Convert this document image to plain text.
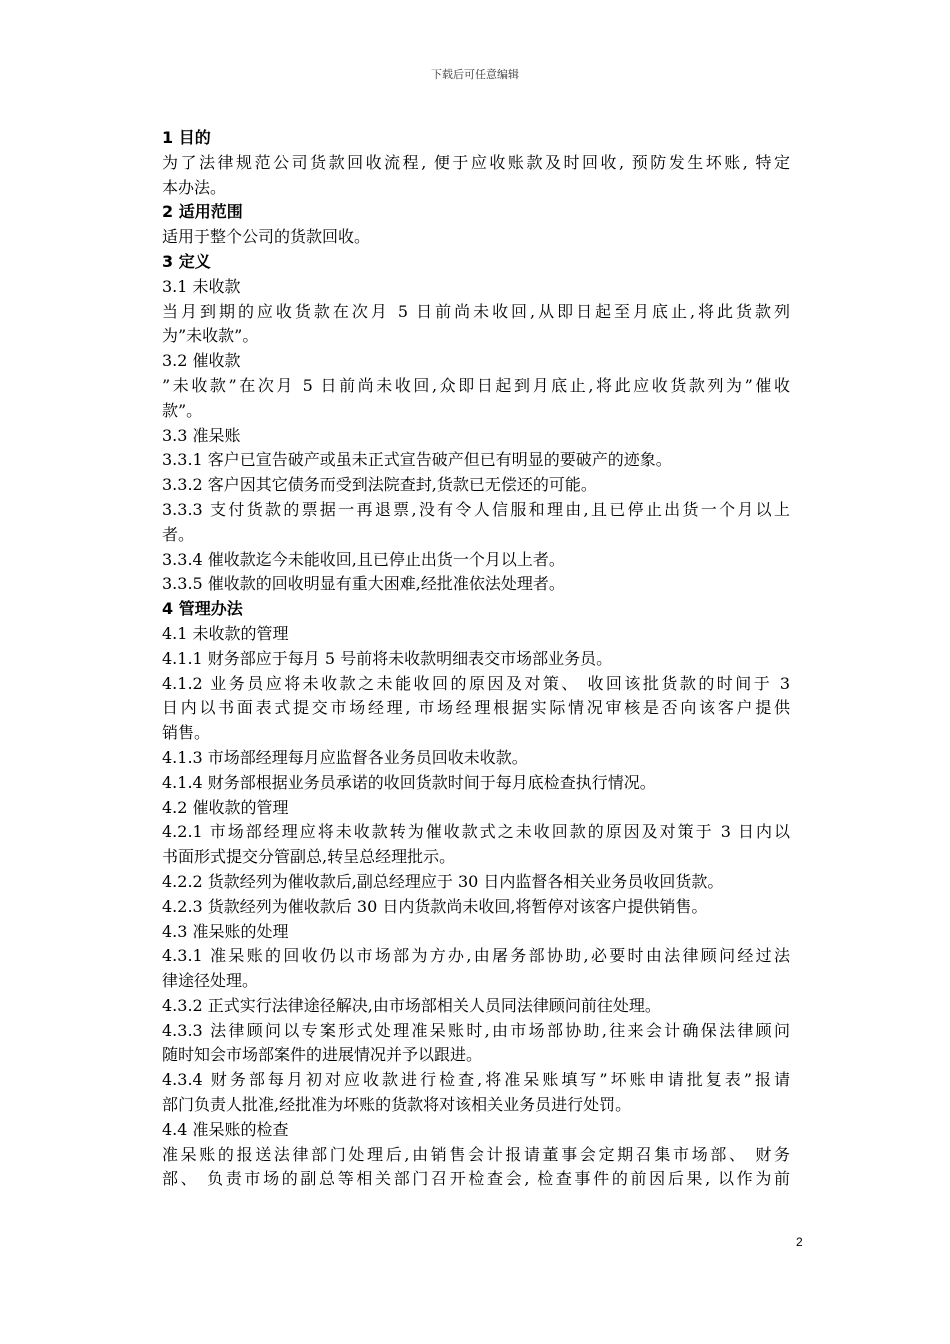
下载后可任意编辑
1 目的
为了法律规范公司货款回收流程, 便于应收账款及时回收, 预防发生坏账, 特定
本办法。
2 适用范围
适用于整个公司的货款回收。
3 定义
3.1 未收款
当月到期的应收货款在次月 5 日前尚未收回,从即日起至月底止,将此货款列
为”未收款”。
3.2 催收款
”未收款”在次月 5 日前尚未收回,众即日起到月底止,将此应收货款列为”催收
款”。
3.3 准呆账
3.3.1 客户已宣告破产或虽未正式宣告破产但已有明显的要破产的迹象。
3.3.2 客户因其它债务而受到法院查封,货款已无偿还的可能。
3.3.3 支付货款的票据一再退票,没有令人信服和理由,且已停止出货一个月以上
者。
3.3.4 催收款迄今未能收回,且已停止出货一个月以上者。
3.3.5 催收款的回收明显有重大困难,经批准依法处理者。
4 管理办法
4.1 未收款的管理
4.1.1 财务部应于每月 5 号前将未收款明细表交市场部业务员。
4.1.2 业务员应将未收款之未能收回的原因及对策、 收回该批货款的时间于 3
日内以书面表式提交市场经理, 市场经理根据实际情况审核是否向该客户提供
销售。
4.1.3 市场部经理每月应监督各业务员回收未收款。
4.1.4 财务部根据业务员承诺的收回货款时间于每月底检查执行情况。
4.2 催收款的管理
4.2.1 市场部经理应将未收款转为催收款式之未收回款的原因及对策于 3 日内以
书面形式提交分管副总,转呈总经理批示。
4.2.2 货款经列为催收款后,副总经理应于 30 日内监督各相关业务员收回货款。
4.2.3 货款经列为催收款后 30 日内货款尚未收回,将暂停对该客户提供销售。
4.3 准呆账的处理
4.3.1 准呆账的回收仍以市场部为方办,由屠务部协助,必要时由法律顾问经过法
律途径处理。
4.3.2 正式实行法律途径解决,由市场部相关人员同法律顾问前往处理。
4.3.3 法律顾问以专案形式处理准呆账时,由市场部协助,往来会计确保法律顾问
随时知会市场部案件的进展情况并予以跟进。
4.3.4 财务部每月初对应收款进行检查,将准呆账填写”坏账申请批复表”报请
部门负责人批准,经批准为坏账的货款将对该相关业务员进行处罚。
4.4 准呆账的检查
准呆账的报送法律部门处理后,由销售会计报请董事会定期召集市场部、 财务
部、 负责市场的副总等相关部门召开检查会, 检查事件的前因后果, 以作为前
2
